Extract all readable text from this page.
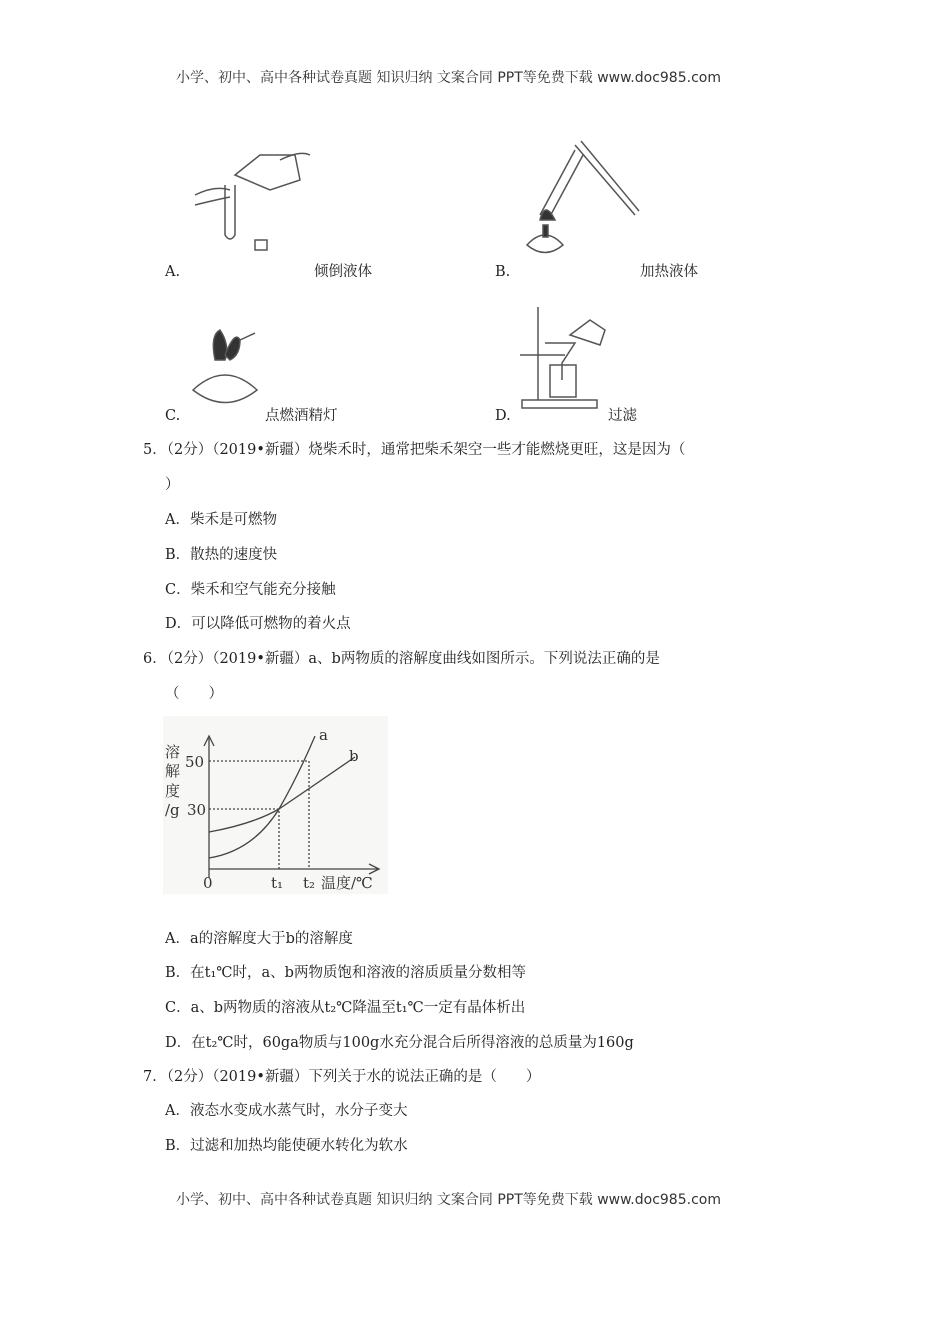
小学、初中、高中各种试卷真题 知识归纳 文案合同 PPT等免费下载 www.doc985.com
A.	倾倒液体	B.	加热液体
C.	点燃酒精灯	D.	过滤
5．（2分）（2019•新疆）烧柴禾时，通常把柴禾架空一些才能燃烧更旺，这是因为（
）
A．柴禾是可燃物
B．散热的速度快
C．柴禾和空气能充分接触
D．可以降低可燃物的着火点
6．（2分）（2019•新疆）a、b两物质的溶解度曲线如图所示。下列说法正确的是
（　　）
溶
解
度
/g
50
30
0	t₁ t₂ 温度/℃
a
b
A．a的溶解度大于b的溶解度
B．在t₁℃时，a、b两物质饱和溶液的溶质质量分数相等
C．a、b两物质的溶液从t₂℃降温至t₁℃一定有晶体析出
D．在t₂℃时，60ga物质与100g水充分混合后所得溶液的总质量为160g
7．（2分）（2019•新疆）下列关于水的说法正确的是（　　）
A．液态水变成水蒸气时，水分子变大
B．过滤和加热均能使硬水转化为软水
小学、初中、高中各种试卷真题 知识归纳 文案合同 PPT等免费下载 www.doc985.com
